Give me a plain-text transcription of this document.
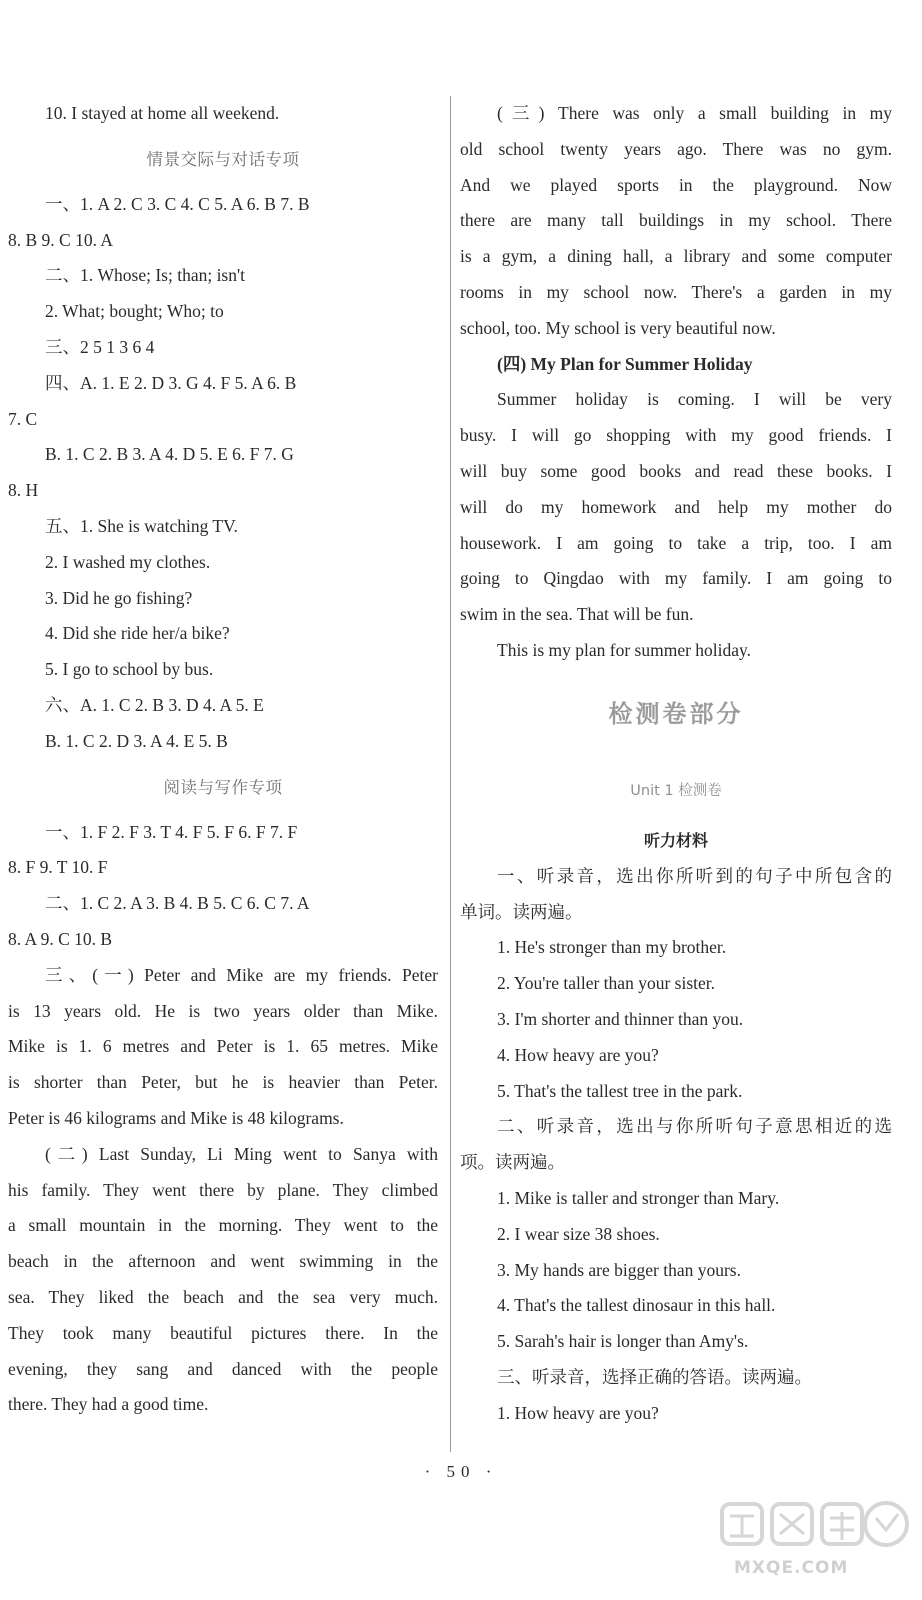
10. I stayed at home all weekend.
情景交际与对话专项
一、1. A 2. C 3. C 4. C 5. A 6. B 7. B
8. B 9. C 10. A
二、1. Whose; Is; than; isn't
2. What; bought; Who; to
三、2 5 1 3 6 4
四、A. 1. E 2. D 3. G 4. F 5. A 6. B
7. C
B. 1. C 2. B 3. A 4. D 5. E 6. F 7. G
8. H
五、1. She is watching TV.
2. I washed my clothes.
3. Did he go fishing?
4. Did she ride her/a bike?
5. I go to school by bus.
六、A. 1. C 2. B 3. D 4. A 5. E
B. 1. C 2. D 3. A 4. E 5. B
阅读与写作专项
一、1. F 2. F 3. T 4. F 5. F 6. F 7. F
8. F 9. T 10. F
二、1. C 2. A 3. B 4. B 5. C 6. C 7. A
8. A 9. C 10. B
三、(一) Peter and Mike are my friends. Peter
is 13 years old. He is two years older than Mike.
Mike is 1. 6 metres and Peter is 1. 65 metres. Mike
is shorter than Peter, but he is heavier than Peter.
Peter is 46 kilograms and Mike is 48 kilograms.
(二) Last Sunday, Li Ming went to Sanya with
his family. They went there by plane. They climbed
a small mountain in the morning. They went to the
beach in the afternoon and went swimming in the
sea. They liked the beach and the sea very much.
They took many beautiful pictures there. In the
evening, they sang and danced with the people
there. They had a good time.
(三) There was only a small building in my
old school twenty years ago. There was no gym.
And we played sports in the playground. Now
there are many tall buildings in my school. There
is a gym, a dining hall, a library and some computer
rooms in my school now. There's a garden in my
school, too. My school is very beautiful now.
(四) My Plan for Summer Holiday
Summer holiday is coming. I will be very
busy. I will go shopping with my good friends. I
will buy some good books and read these books. I
will do my homework and help my mother do
housework. I am going to take a trip, too. I am
going to Qingdao with my family. I am going to
swim in the sea. That will be fun.
This is my plan for summer holiday.
检测卷部分
Unit 1 检测卷
听力材料
一、听录音，选出你所听到的句子中所包含的
单词。读两遍。
1. He's stronger than my brother.
2. You're taller than your sister.
3. I'm shorter and thinner than you.
4. How heavy are you?
5. That's the tallest tree in the park.
二、听录音，选出与你所听句子意思相近的选
项。读两遍。
1. Mike is taller and stronger than Mary.
2. I wear size 38 shoes.
3. My hands are bigger than yours.
4. That's the tallest dinosaur in this hall.
5. Sarah's hair is longer than Amy's.
三、听录音，选择正确的答语。读两遍。
1. How heavy are you?
· 50 ·
MXQE.COM
